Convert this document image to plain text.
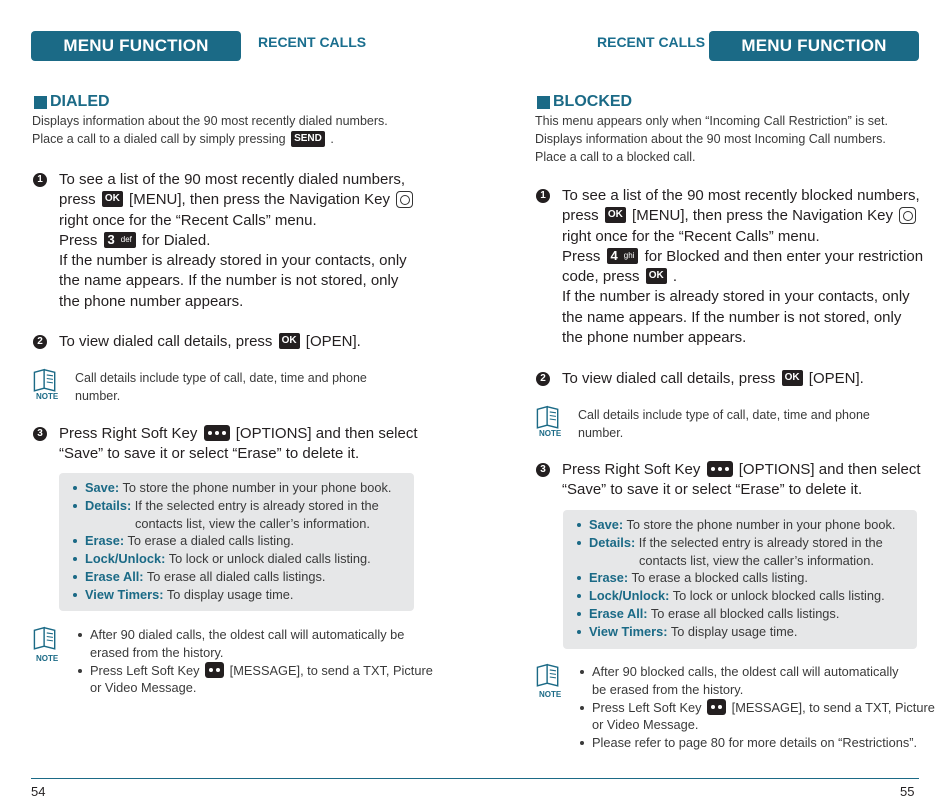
MENU FUNCTION	RECENT CALLS
DIALED
Displays information about the 90 most recently dialed numbers.
Place a call to a dialed call by simply pressing SEND .
1 To see a list of the 90 most recently dialed numbers,
press OK [MENU], then press the Navigation Key
right once for the “Recent Calls” menu.
Press 3 $^{def}$ for Dialed.
If the number is already stored in your contacts, only
the name appears. If the number is not stored, only
the phone number appears.
2 To view dialed call details, press OK [OPEN].
NOTE
Call details include type of call, date, time and phone
number.
3 Press Right Soft Key	[OPTIONS] and then select
“Save” to save it or select “Erase” to delete it.
Save: To store the phone number in your phone book.
Details: If the selected entry is already stored in the
contacts list, view the caller’s information.
Erase: To erase a dialed calls listing.
Lock/Unlock: To lock or unlock dialed calls listing.
Erase All: To erase all dialed calls listings.
View Timers: To display usage time.
NOTE
After 90 dialed calls, the oldest call will automatically be
erased from the history.
Press Left Soft Key [MESSAGE], to send a TXT, Picture
or Video Message.
54
RECENT CALLS	MENU FUNCTION
BLOCKED
This menu appears only when “Incoming Call Restriction” is set.
Displays information about the 90 most Incoming Call numbers.
Place a call to a blocked call.
1 To see a list of the 90 most recently blocked numbers,
press OK [MENU], then press the Navigation Key
right once for the “Recent Calls” menu.
Press 4 $^{ghi}$ for Blocked and then enter your restriction
code, press OK .
If the number is already stored in your contacts, only
the name appears. If the number is not stored, only
the phone number appears.
2 To view dialed call details, press OK [OPEN].
NOTE
Call details include type of call, date, time and phone
number.
3 Press Right Soft Key	[OPTIONS] and then select
“Save” to save it or select “Erase” to delete it.
Save: To store the phone number in your phone book.
Details: If the selected entry is already stored in the
contacts list, view the caller’s information.
Erase: To erase a blocked calls listing.
Lock/Unlock: To lock or unlock blocked calls listing.
Erase All: To erase all blocked calls listings.
View Timers: To display usage time.
NOTE
After 90 blocked calls, the oldest call will automatically
be erased from the history.
Press Left Soft Key [MESSAGE], to send a TXT, Picture
or Video Message.
Please refer to page 80 for more details on “Restrictions”.
55
